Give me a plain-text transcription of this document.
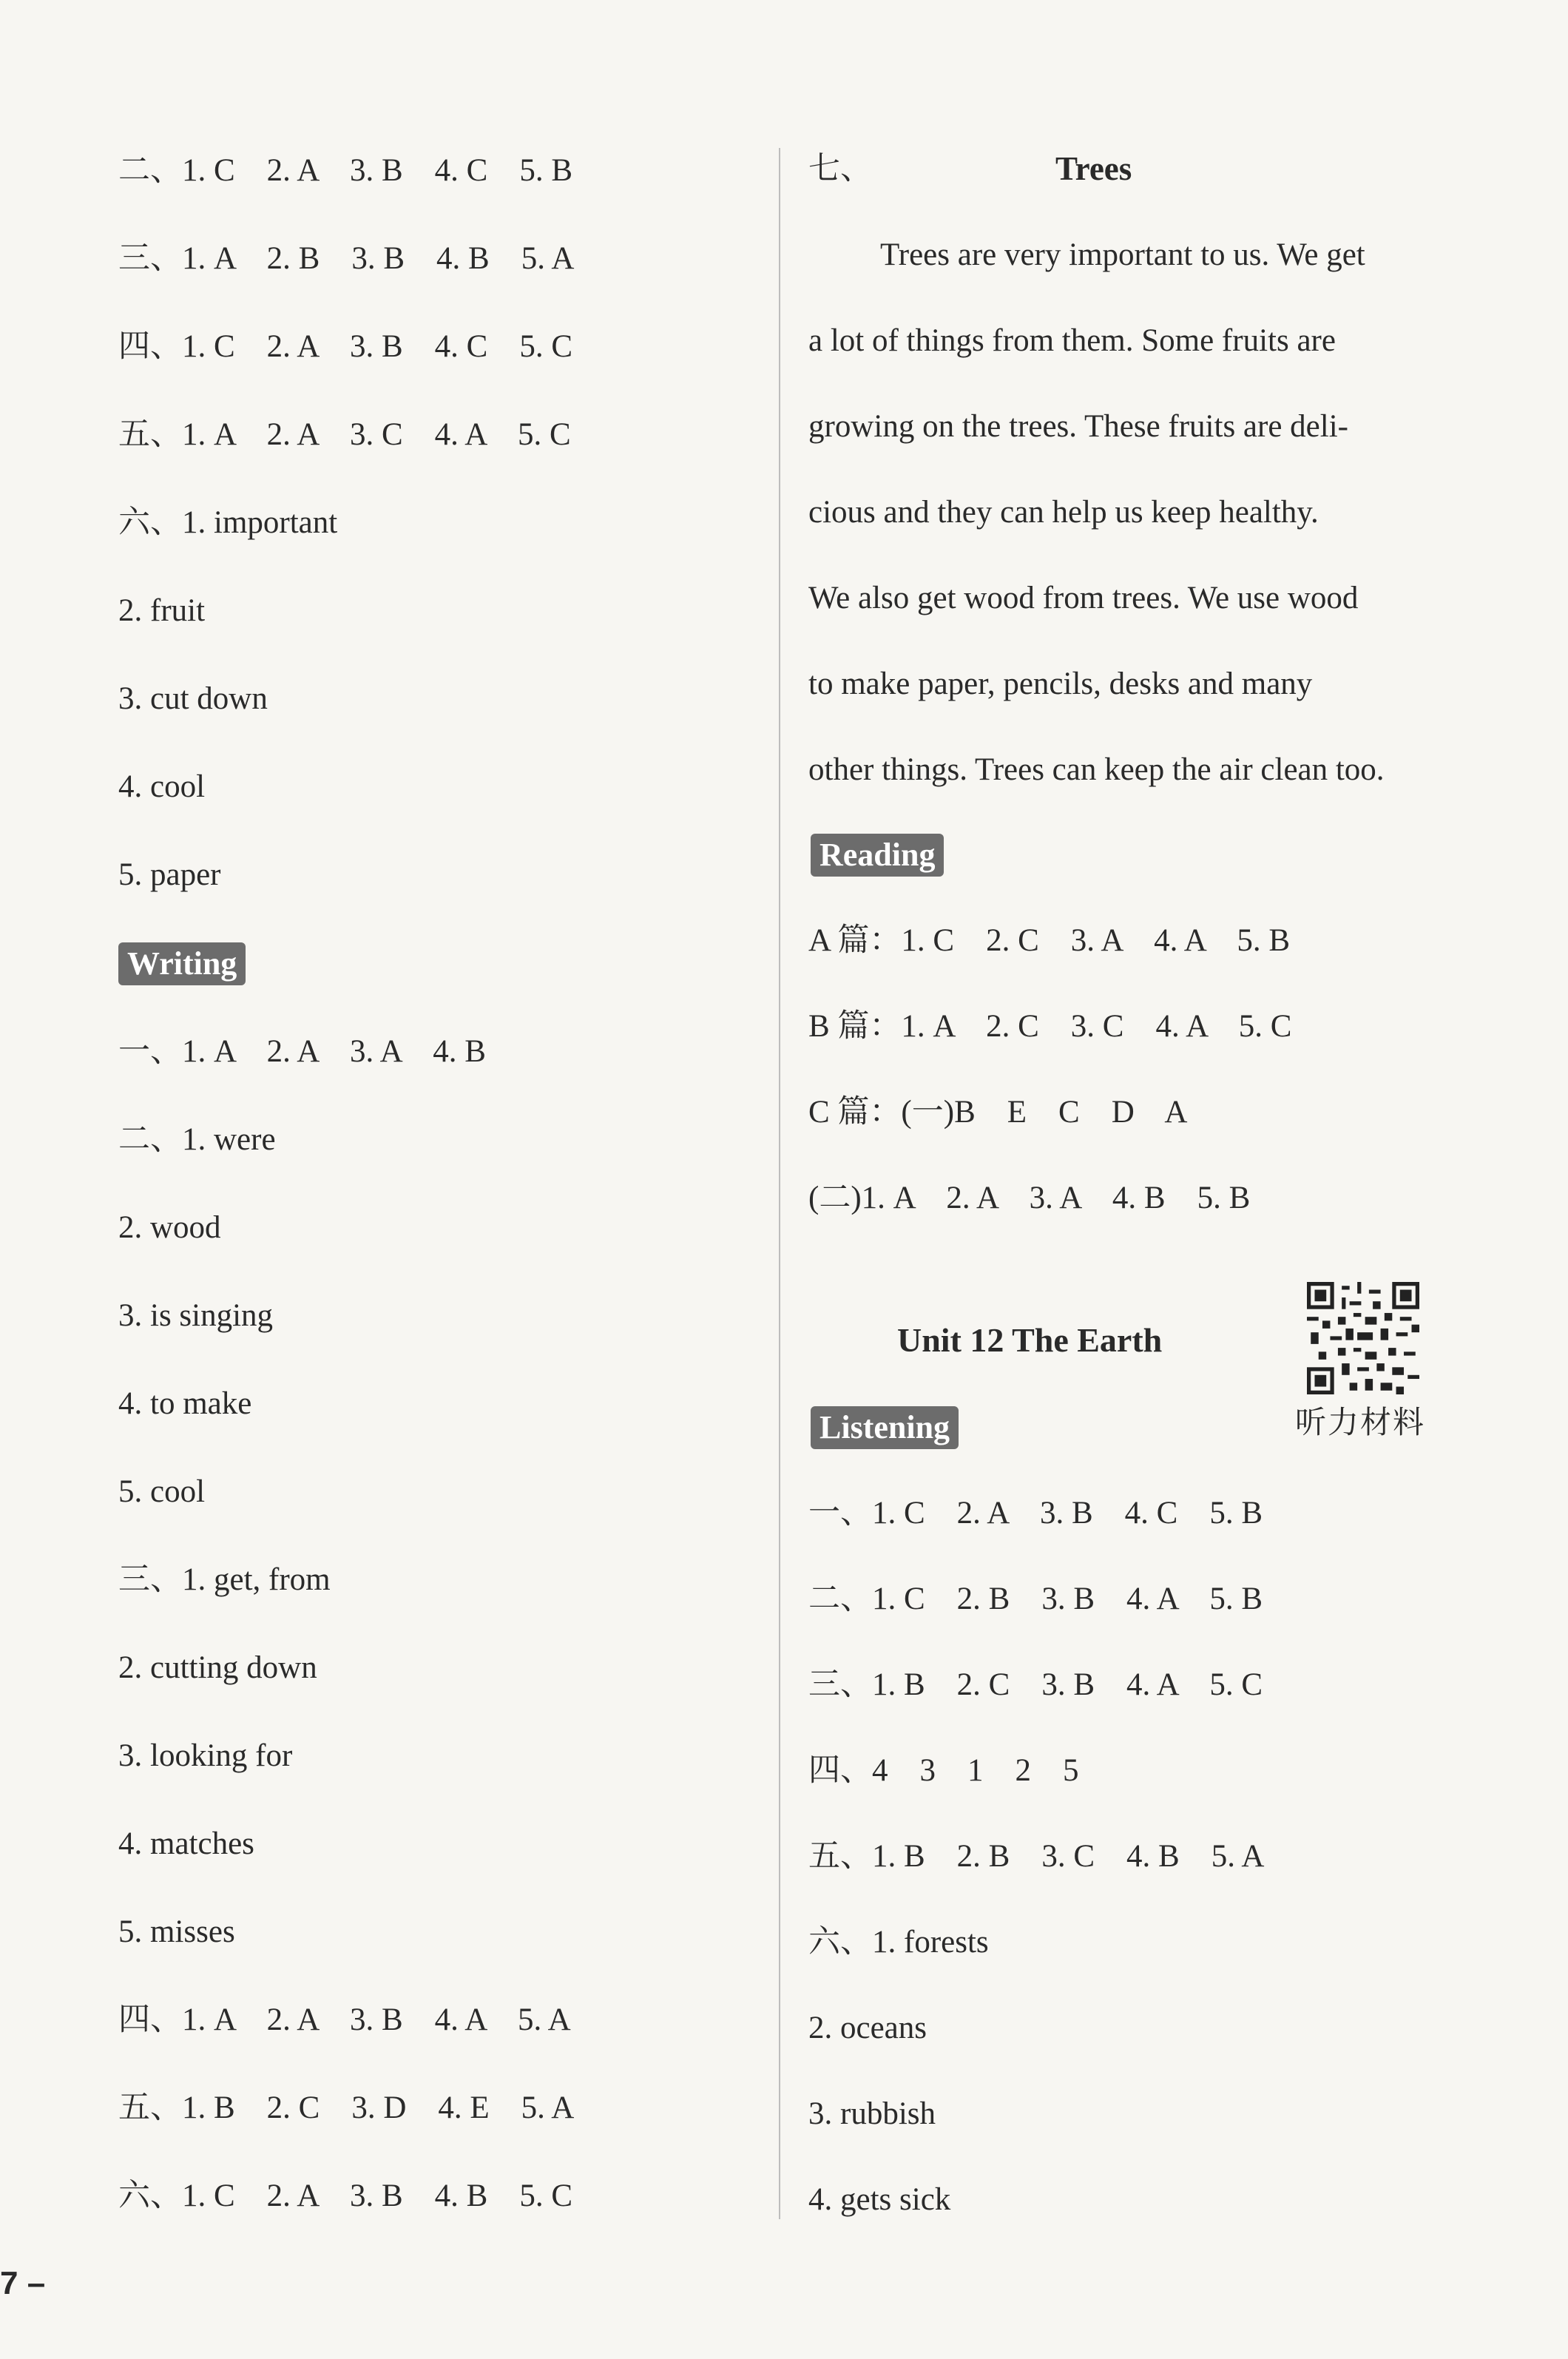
二、1. C    2. A    3. B    4. C    5. B
三、1. A    2. B    3. B    4. B    5. A
四、1. C    2. A    3. B    4. C    5. C
五、1. A    2. A    3. C    4. A    5. C
六、1. important
2. fruit
3. cut down
4. cool
5. paper
Writing
一、1. A    2. A    3. A    4. B
二、1. were
2. wood
3. is singing
4. to make
5. cool
三、1. get, from
2. cutting down
3. looking for
4. matches
5. misses
四、1. A    2. A    3. B    4. A    5. A
五、1. B    2. C    3. D    4. E    5. A
六、1. C    2. A    3. B    4. B    5. C
七、	Trees
Trees are very important to us. We get
a lot of things from them. Some fruits are
growing on the trees. These fruits are deli-
cious and they can help us keep healthy.
We also get wood from trees. We use wood
to make paper, pencils, desks and many
other things. Trees can keep the air clean too.
Reading
A 篇：1. C    2. C    3. A    4. A    5. B
B 篇：1. A    2. C    3. C    4. A    5. C
C 篇：(一)B    E    C    D    A
(二)1. A    2. A    3. A    4. B    5. B
Unit 12 The Earth
听力材料
Listening
一、1. C    2. A    3. B    4. C    5. B
二、1. C    2. B    3. B    4. A    5. B
三、1. B    2. C    3. B    4. A    5. C
四、4    3    1    2    5
五、1. B    2. B    3. C    4. B    5. A
六、1. forests
2. oceans
3. rubbish
4. gets sick
7 –
